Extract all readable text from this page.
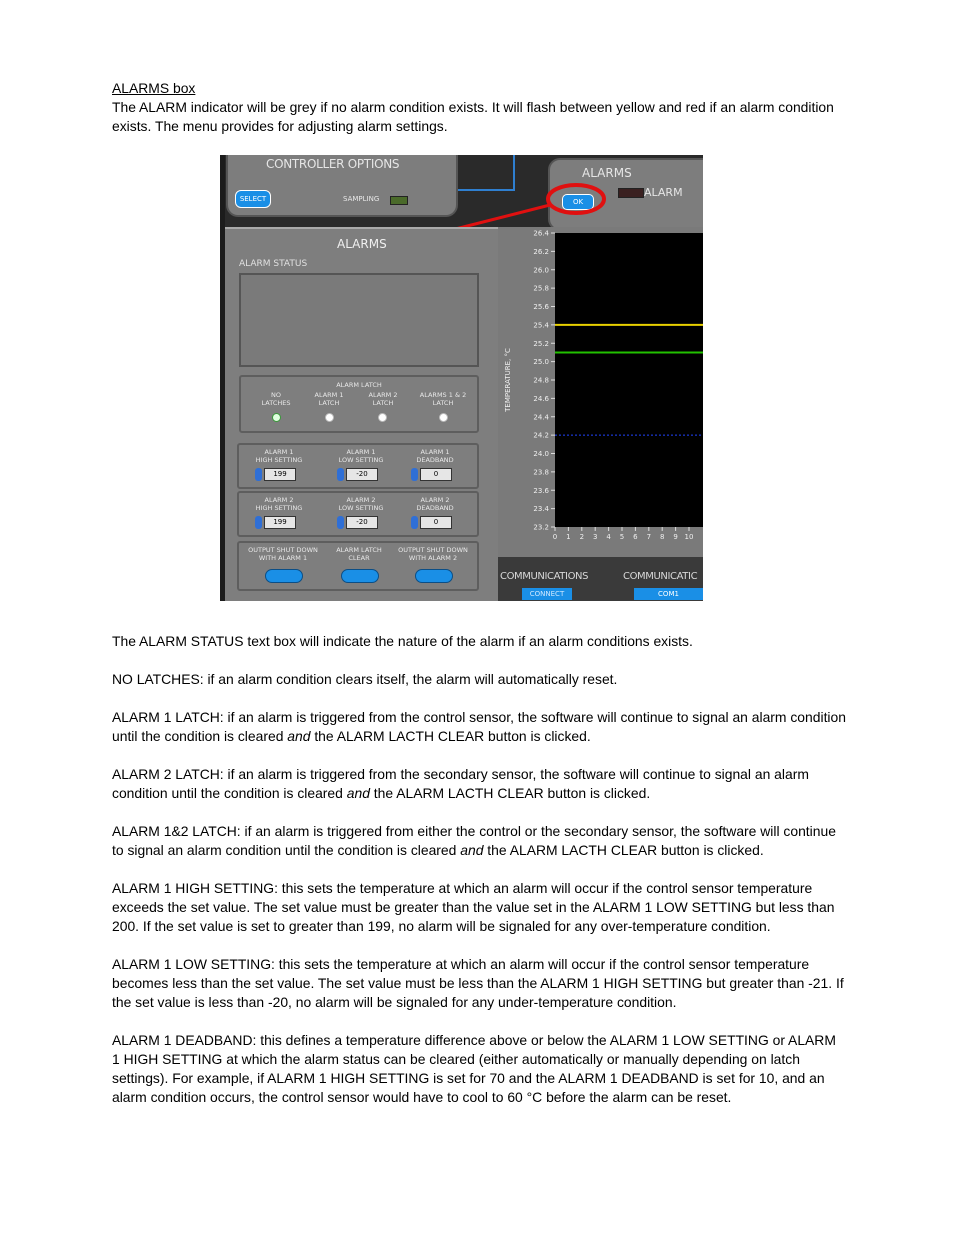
ALARMS box
The ALARM indicator will be grey if no alarm condition exists. It will flash between yellow and red if an alarm condition exists. The menu provides for adjusting alarm settings.
CONTROLLER OPTIONS
SELECT	SAMPLING
ALARMS
OK
ALARM
ALARMS
ALARM STATUS
ALARM LATCH
NO
LATCHES
ALARM 1
LATCH
ALARM 2
LATCH
ALARMS 1 & 2
LATCH
ALARM 1
HIGH SETTING
ALARM 1
LOW SETTING
ALARM 1
DEADBAND
199	-20	0
ALARM 2
HIGH SETTING
ALARM 2
LOW SETTING
ALARM 2
DEADBAND
199	-20	0
OUTPUT SHUT DOWN
WITH ALARM 1
ALARM LATCH
CLEAR
OUTPUT SHUT DOWN
WITH ALARM 2
26.4
26.2
26.0
25.8
25.6
25.4
25.2
25.0
24.8
24.6
24.4
24.2
24.0
23.8
23.6
23.4
23.2
0 1 2 3 4 5 6 7 8 9 10
TEMPERATURE, °C
COMMUNICATIONS	COMMUNICATIC
CONNECT	COM1
The ALARM STATUS text box will indicate the nature of the alarm if an alarm conditions exists.
NO LATCHES: if an alarm condition clears itself, the alarm will automatically reset.
ALARM 1 LATCH: if an alarm is triggered from the control sensor, the software will continue to signal an alarm condition until the condition is cleared and the ALARM LACTH CLEAR button is clicked.
ALARM 2 LATCH: if an alarm is triggered from the secondary sensor, the software will continue to signal an alarm condition until the condition is cleared and the ALARM LACTH CLEAR button is clicked.
ALARM 1&2 LATCH: if an alarm is triggered from either the control or the secondary sensor, the software will continue to signal an alarm condition until the condition is cleared and the ALARM LACTH CLEAR button is clicked.
ALARM 1 HIGH SETTING: this sets the temperature at which an alarm will occur if the control sensor temperature exceeds the set value. The set value must be greater than the value set in the ALARM 1 LOW SETTING but less than 200. If the set value is set to greater than 199, no alarm will be signaled for any over-temperature condition.
ALARM 1 LOW SETTING: this sets the temperature at which an alarm will occur if the control sensor temperature becomes less than the set value. The set value must be less than the ALARM 1 HIGH SETTING but greater than -21. If the set value is less than -20, no alarm will be signaled for any under-temperature condition.
ALARM 1 DEADBAND: this defines a temperature difference above or below the ALARM 1 LOW SETTING or ALARM 1 HIGH SETTING at which the alarm status can be cleared (either automatically or manually depending on latch settings). For example, if ALARM 1 HIGH SETTING is set for 70 and the ALARM 1 DEADBAND is set for 10, and an alarm condition occurs, the control sensor would have to cool to 60 °C before the alarm can be reset.
